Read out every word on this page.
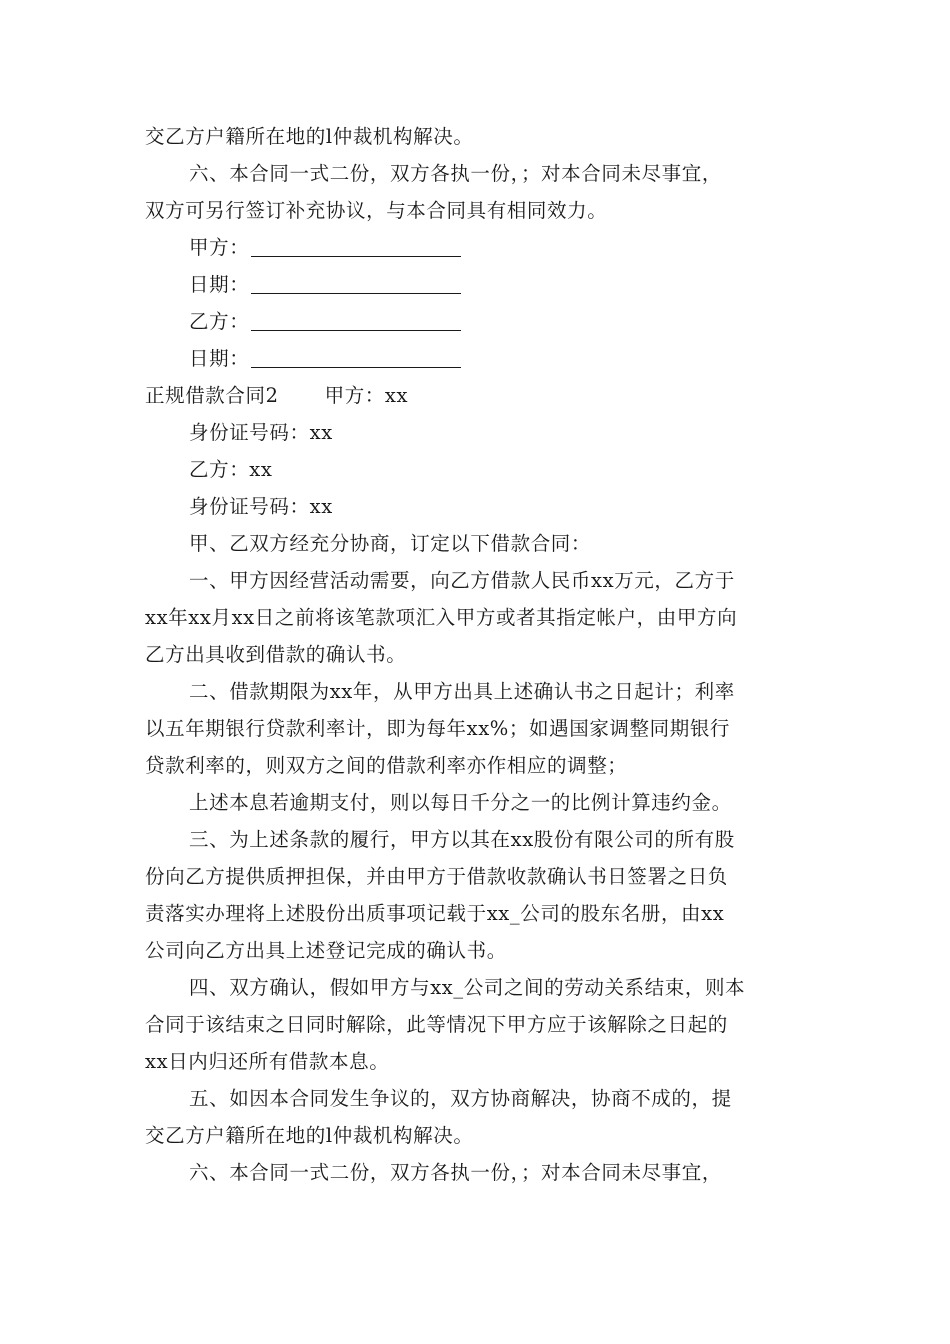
交乙方户籍所在地的l仲裁机构解决。
六、本合同一式二份，双方各执一份，；对本合同未尽事宜，
双方可另行签订补充协议，与本合同具有相同效力。
甲方：
日期：
乙方：
日期：
正规借款合同2 甲方：xx
身份证号码：xx
乙方：xx
身份证号码：xx
甲、乙双方经充分协商，订定以下借款合同：
一、甲方因经营活动需要，向乙方借款人民币xx万元，乙方于
xx年xx月xx日之前将该笔款项汇入甲方或者其指定帐户，由甲方向
乙方出具收到借款的确认书。
二、借款期限为xx年，从甲方出具上述确认书之日起计；利率
以五年期银行贷款利率计，即为每年xx%；如遇国家调整同期银行
贷款利率的，则双方之间的借款利率亦作相应的调整；
上述本息若逾期支付，则以每日千分之一的比例计算违约金。
三、为上述条款的履行，甲方以其在xx股份有限公司的所有股
份向乙方提供质押担保，并由甲方于借款收款确认书日签署之日负
责落实办理将上述股份出质事项记载于xx_公司的股东名册，由xx
公司向乙方出具上述登记完成的确认书。
四、双方确认，假如甲方与xx_公司之间的劳动关系结束，则本
合同于该结束之日同时解除，此等情况下甲方应于该解除之日起的
xx日内归还所有借款本息。
五、如因本合同发生争议的，双方协商解决，协商不成的，提
交乙方户籍所在地的l仲裁机构解决。
六、本合同一式二份，双方各执一份，；对本合同未尽事宜，
